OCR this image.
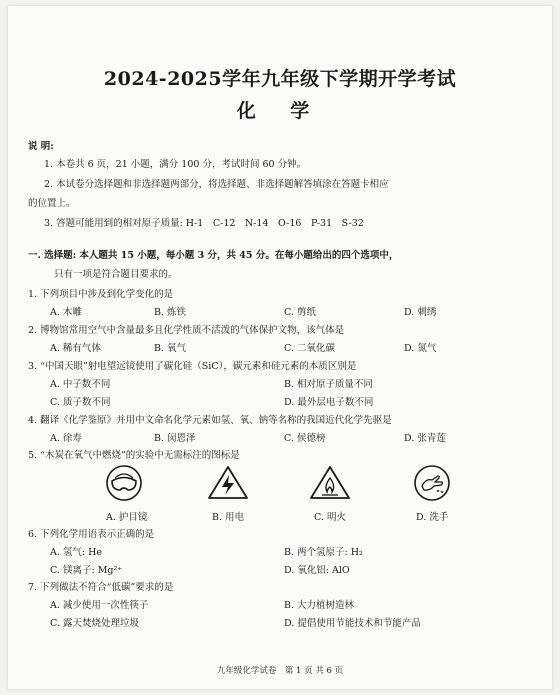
2024-2025学年九年级下学期开学考试
化 学
说 明:
1. 本卷共 6 页，21 小题，满分 100 分，考试时间 60 分钟。
2. 本试卷分选择题和非选择题两部分，将选择题、非选择题解答填涂在答题卡相应
的位置上。
3. 答题可能用到的相对原子质量: H-1　C-12　N-14　O-16　P-31　S-32
一. 选择题: 本人题共 15 小题，每小题 3 分，共 45 分。在每小题给出的四个选项中，
只有一项是符合题目要求的。
1. 下列项目中涉及到化学变化的是
A. 木雕	B. 炼铁	C. 剪纸	D. 刺绣
2. 博物馆常用空气中含量最多且化学性质不活泼的气体保护文物，该气体是
A. 稀有气体	B. 氧气	C. 二氧化碳	D. 氮气
3. “中国天眼”射电望远镜使用了碳化硅（SiC），碳元素和硅元素的本质区别是
A. 中子数不同	B. 相对原子质量不同
C. 质子数不同	D. 最外层电子数不同
4. 翻译《化学鉴原》并用中文命名化学元素如氢、氧、钠等名称的我国近代化学先驱是
A. 徐寿	B. 闵恩泽	C. 侯德榜	D. 张青莲
5. “木炭在氧气中燃烧”的实验中无需标注的图标是
A. 护目镜	B. 用电	C. 明火	D. 洗手
6. 下列化学用语表示正确的是
A. 氢气: He	B. 两个氢原子: H₂
C. 镁离子: Mg²⁺	D. 氧化铝: AlO
7. 下列做法不符合“低碳”要求的是
A. 减少使用一次性筷子	B. 大力植树造林
C. 露天焚烧处理垃圾	D. 提倡使用节能技术和节能产品
九年级化学试卷　第 1 页 共 6 页
